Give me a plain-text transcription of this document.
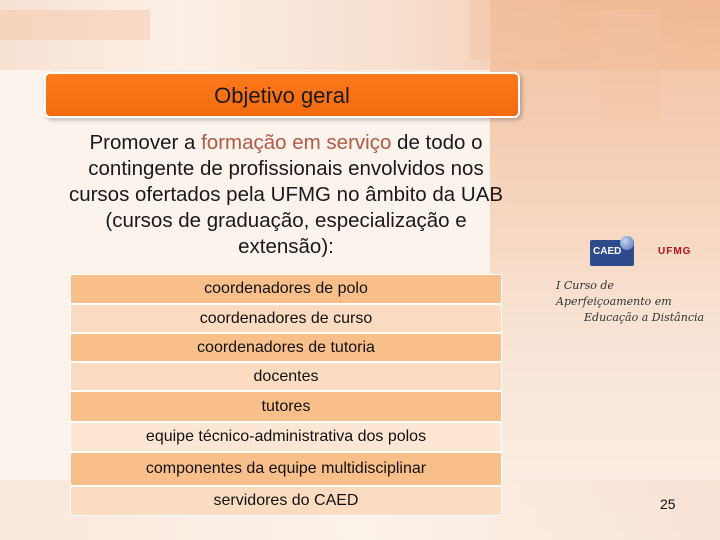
Objetivo geral
Promover a formação em serviço de todo o contingente de profissionais envolvidos nos cursos ofertados pela UFMG no âmbito da UAB (cursos de graduação, especialização e extensão):
coordenadores de polo
coordenadores de curso
coordenadores de tutoria
docentes
tutores
equipe técnico-administrativa dos polos
componentes da equipe multidisciplinar
servidores do CAED
CAED	UFMG
I Curso de Aperfeiçoamento em
Educação a Distância
25
